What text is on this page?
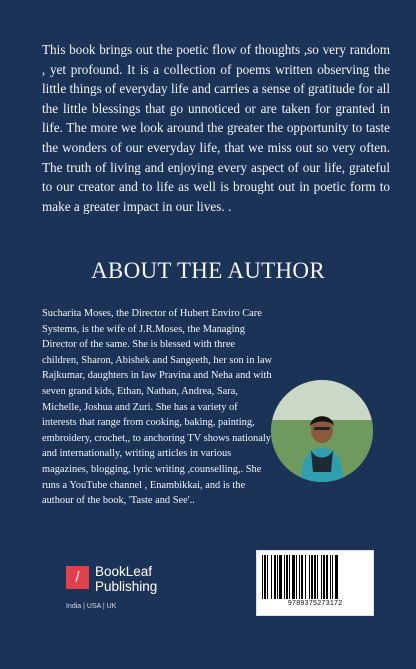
This book brings out the poetic flow of thoughts ,so very random , yet profound. It is a collection of poems written observing the little things of everyday life and carries a sense of gratitude for all the little blessings that go unnoticed or are taken for granted in life. The more we look around the greater the opportunity to taste the wonders of our everyday life, that we miss out so very often. The truth of living and enjoying every aspect of our life, grateful to our creator and to life as well is brought out in poetic form to make a greater impact in our lives. .

ABOUT THE AUTHOR

Sucharita Moses, the Director of Hubert Enviro Care Systems, is the wife of J.R.Moses, the Managing Director of the same. She is blessed with three children, Sharon, Abishek and Sangeeth, her son in law Rajkumar, daughters in law Pravina and Neha and with seven grand kids, Ethan, Nathan, Andrea, Sara, Michelle, Joshua and Zuri. She has a variety of interests that range from cooking, baking, painting, embroidery, crochet,, to anchoring TV shows nationaly and internationally, writing articles in various magazines, blogging, lyric writing ,counselling,. She runs a YouTube channel , Enambikkai, and is the authour of the book, 'Taste and See'..

/	BookLeaf
Publishing
India | USA | UK	9789375273172
